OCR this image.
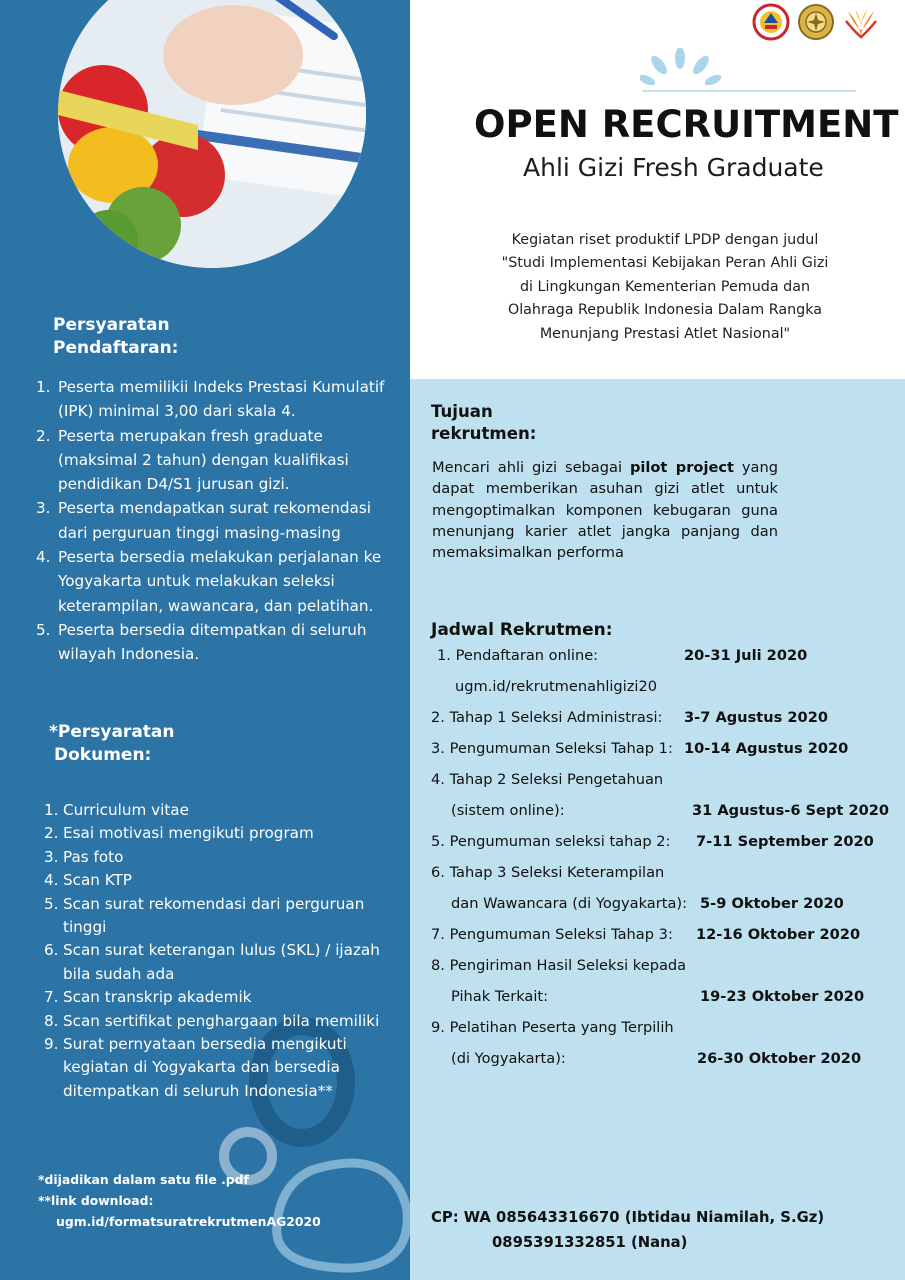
Persyaratan
Pendaftaran:
1. Peserta memilikii Indeks Prestasi Kumulatif (IPK) minimal 3,00 dari skala 4.
2. Peserta merupakan fresh graduate (maksimal 2 tahun) dengan kualifikasi pendidikan D4/S1 jurusan gizi.
3. Peserta mendapatkan surat rekomendasi dari perguruan tinggi masing-masing
4. Peserta bersedia melakukan perjalanan ke Yogyakarta untuk melakukan seleksi keterampilan, wawancara, dan pelatihan.
5. Peserta bersedia ditempatkan di seluruh wilayah Indonesia.
*Persyaratan
Dokumen:
1. Curriculum vitae
2. Esai motivasi mengikuti program
3. Pas foto
4. Scan KTP
5. Scan surat rekomendasi dari perguruan tinggi
6. Scan surat keterangan lulus (SKL) / ijazah bila sudah ada
7. Scan transkrip akademik
8. Scan sertifikat penghargaan bila memiliki
9. Surat pernyataan bersedia mengikuti kegiatan di Yogyakarta dan bersedia ditempatkan di seluruh Indonesia**
*dijadikan dalam satu file .pdf
**link download:
ugm.id/formatsuratrekrutmenAG2020
OPEN RECRUITMENT
Ahli Gizi Fresh Graduate
Kegiatan riset produktif LPDP dengan judul
"Studi Implementasi Kebijakan Peran Ahli Gizi
di Lingkungan Kementerian Pemuda dan
Olahraga Republik Indonesia Dalam Rangka
Menunjang Prestasi Atlet Nasional"
Tujuan
rekrutmen:
Mencari ahli gizi sebagai pilot project yang dapat memberikan asuhan gizi atlet untuk mengoptimalkan komponen kebugaran guna menunjang karier atlet jangka panjang dan memaksimalkan performa
Jadwal Rekrutmen:
1. Pendaftaran online:	20-31 Juli 2020
ugm.id/rekrutmenahligizi20
2. Tahap 1 Seleksi Administrasi: 3-7 Agustus 2020
3. Pengumuman Seleksi Tahap 1: 10-14 Agustus 2020
4. Tahap 2 Seleksi Pengetahuan
(sistem online):	31 Agustus-6 Sept 2020
5. Pengumuman seleksi tahap 2: 7-11 September 2020
6. Tahap 3 Seleksi Keterampilan
dan Wawancara (di Yogyakarta): 5-9 Oktober 2020
7. Pengumuman Seleksi Tahap 3: 12-16 Oktober 2020
8. Pengiriman Hasil Seleksi kepada
Pihak Terkait:	19-23 Oktober 2020
9. Pelatihan Peserta yang Terpilih
(di Yogyakarta):	26-30 Oktober 2020
CP: WA 085643316670 (Ibtidau Niamilah, S.Gz)
0895391332851 (Nana)
